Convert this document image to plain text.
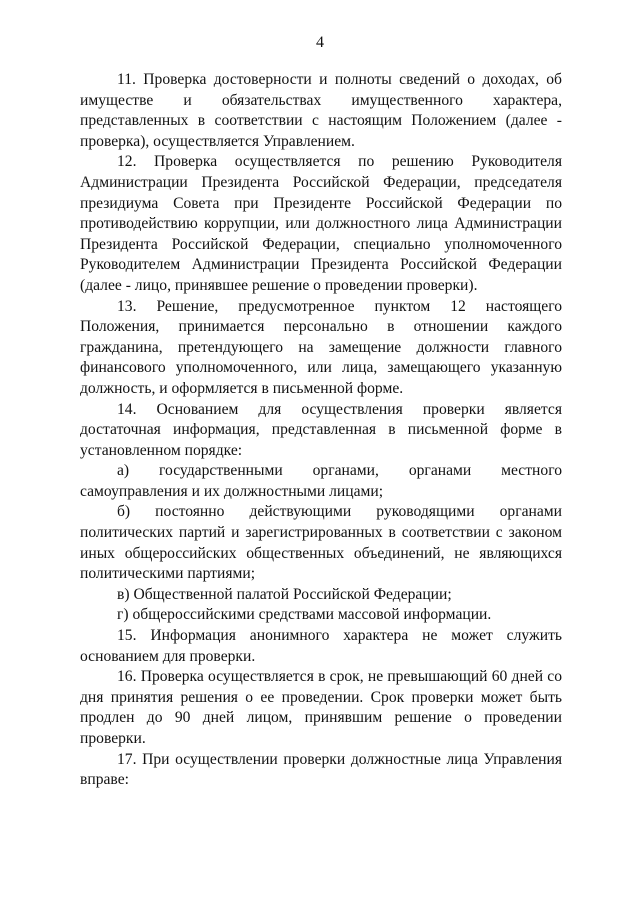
4

11. Проверка достоверности и полноты сведений о доходах, об имуществе и обязательствах имущественного характера, представленных в соответствии с настоящим Положением (далее - проверка), осуществляется Управлением.

12. Проверка осуществляется по решению Руководителя Администрации Президента Российской Федерации, председателя президиума Совета при Президенте Российской Федерации по противодействию коррупции, или должностного лица Администрации Президента Российской Федерации, специально уполномоченного Руководителем Администрации Президента Российской Федерации (далее - лицо, принявшее решение о проведении проверки).

13. Решение, предусмотренное пунктом 12 настоящего Положения, принимается персонально в отношении каждого гражданина, претендующего на замещение должности главного финансового уполномоченного, или лица, замещающего указанную должность, и оформляется в письменной форме.

14. Основанием для осуществления проверки является достаточная информация, представленная в письменной форме в установленном порядке:

а) государственными органами, органами местного самоуправления и их должностными лицами;

б) постоянно действующими руководящими органами политических партий и зарегистрированных в соответствии с законом иных общероссийских общественных объединений, не являющихся политическими партиями;

в) Общественной палатой Российской Федерации;

г) общероссийскими средствами массовой информации.

15. Информация анонимного характера не может служить основанием для проверки.

16. Проверка осуществляется в срок, не превышающий 60 дней со дня принятия решения о ее проведении. Срок проверки может быть продлен до 90 дней лицом, принявшим решение о проведении проверки.

17. При осуществлении проверки должностные лица Управления вправе:
